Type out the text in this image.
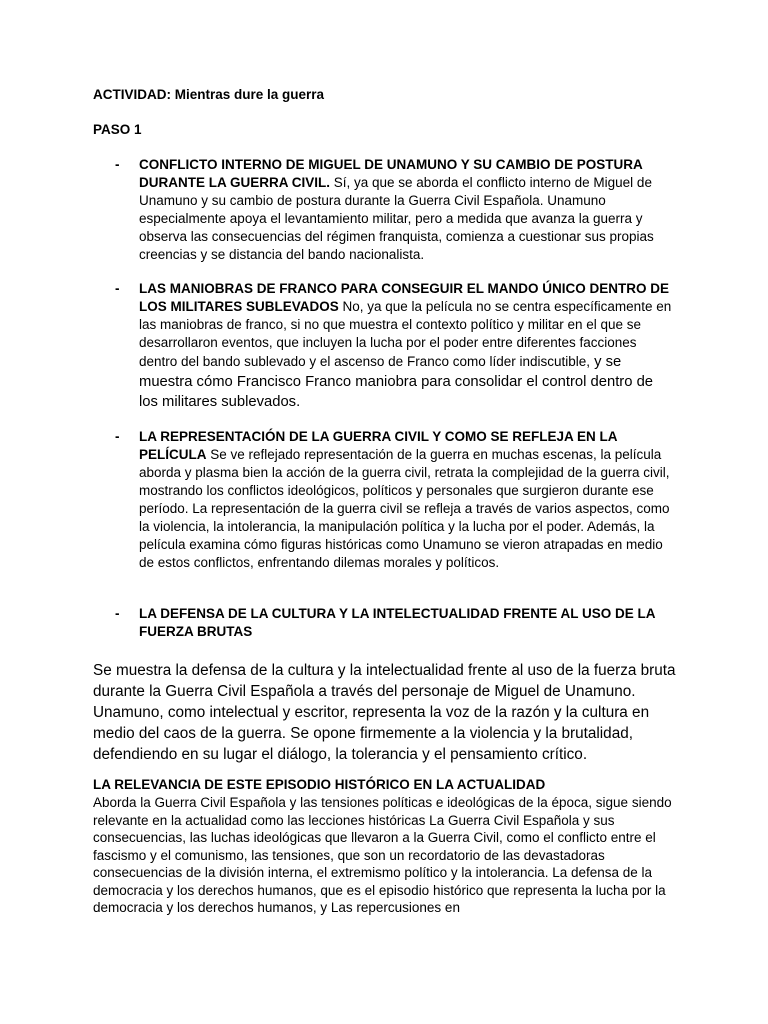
ACTIVIDAD: Mientras dure la guerra
PASO 1
- CONFLICTO INTERNO DE MIGUEL DE UNAMUNO Y SU CAMBIO DE POSTURA DURANTE LA GUERRA CIVIL. Sí, ya que se aborda el conflicto interno de Miguel de Unamuno y su cambio de postura durante la Guerra Civil Española. Unamuno especialmente apoya el levantamiento militar, pero a medida que avanza la guerra y observa las consecuencias del régimen franquista, comienza a cuestionar sus propias creencias y se distancia del bando nacionalista.
- LAS MANIOBRAS DE FRANCO PARA CONSEGUIR EL MANDO ÚNICO DENTRO DE LOS MILITARES SUBLEVADOS No, ya que la película no se centra específicamente en las maniobras de franco, si no que muestra el contexto político y militar en el que se desarrollaron eventos, que incluyen la lucha por el poder entre diferentes facciones dentro del bando sublevado y el ascenso de Franco como líder indiscutible, y se muestra cómo Francisco Franco maniobra para consolidar el control dentro de los militares sublevados.
- LA REPRESENTACIÓN DE LA GUERRA CIVIL Y COMO SE REFLEJA EN LA PELÍCULA Se ve reflejado representación de la guerra en muchas escenas, la película aborda y plasma bien la acción de la guerra civil, retrata la complejidad de la guerra civil, mostrando los conflictos ideológicos, políticos y personales que surgieron durante ese período. La representación de la guerra civil se refleja a través de varios aspectos, como la violencia, la intolerancia, la manipulación política y la lucha por el poder. Además, la película examina cómo figuras históricas como Unamuno se vieron atrapadas en medio de estos conflictos, enfrentando dilemas morales y políticos.
- LA DEFENSA DE LA CULTURA Y LA INTELECTUALIDAD FRENTE AL USO DE LA FUERZA BRUTAS
Se muestra la defensa de la cultura y la intelectualidad frente al uso de la fuerza bruta durante la Guerra Civil Española a través del personaje de Miguel de Unamuno. Unamuno, como intelectual y escritor, representa la voz de la razón y la cultura en medio del caos de la guerra. Se opone firmemente a la violencia y la brutalidad, defendiendo en su lugar el diálogo, la tolerancia y el pensamiento crítico.
LA RELEVANCIA DE ESTE EPISODIO HISTÓRICO EN LA ACTUALIDAD
Aborda la Guerra Civil Española y las tensiones políticas e ideológicas de la época, sigue siendo relevante en la actualidad como las lecciones históricas La Guerra Civil Española y sus consecuencias, las luchas ideológicas que llevaron a la Guerra Civil, como el conflicto entre el fascismo y el comunismo, las tensiones, que son un recordatorio de las devastadoras consecuencias de la división interna, el extremismo político y la intolerancia. La defensa de la democracia y los derechos humanos, que es el episodio histórico que representa la lucha por la democracia y los derechos humanos, y Las repercusiones en
